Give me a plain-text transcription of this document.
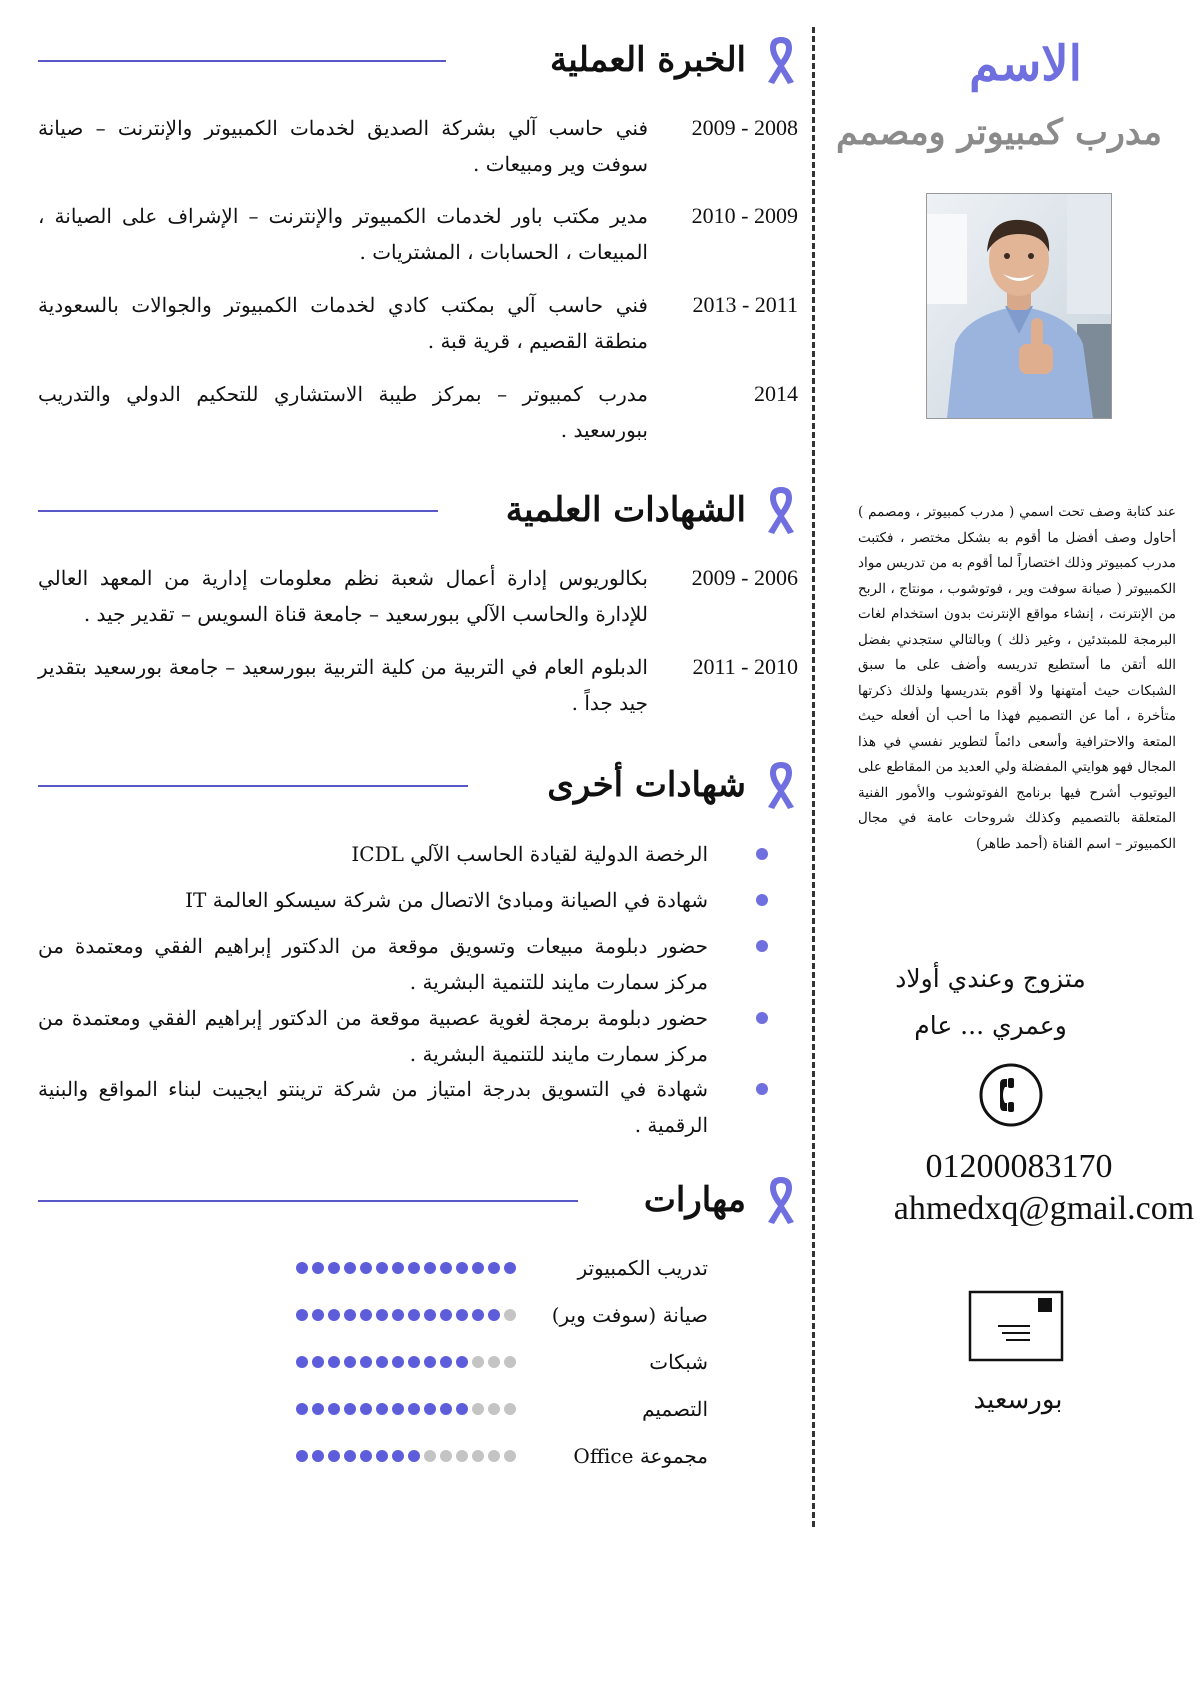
الاسم
مدرب كمبيوتر ومصمم

عند كتابة وصف تحت اسمي ( مدرب كمبيوتر ، ومصمم ) أحاول وصف أفضل ما أقوم به بشكل مختصر ، فكتبت مدرب كمبيوتر وذلك اختصاراً لما أقوم به من تدريس مواد الكمبيوتر ( صيانة سوفت وير ، فوتوشوب ، مونتاج ، الربح من الإنترنت ، إنشاء مواقع الإنترنت بدون استخدام لغات البرمجة للمبتدئين ، وغير ذلك ) وبالتالي ستجدني بفضل الله أتقن ما أستطيع تدريسه وأضف على ما سبق الشبكات حيث أمتهنها ولا أقوم بتدريسها ولذلك ذكرتها متأخرة ، أما عن التصميم فهذا ما أحب أن أفعله حيث المتعة والاحترافية وأسعى دائماً لتطوير نفسي في هذا المجال فهو هوايتي المفضلة ولي العديد من المقاطع على اليوتيوب أشرح فيها برنامج الفوتوشوب والأمور الفنية المتعلقة بالتصميم وكذلك شروحات عامة في مجال الكمبيوتر – اسم القناة (أحمد طاهر)

متزوج وعندي أولاد
وعمري ... عام
01200083170
ahmedxq@gmail.com
بورسعيد
الخبرة العملية
2009 - 2008

فني حاسب آلي بشركة الصديق لخدمات الكمبيوتر والإنترنت – صيانة سوفت وير ومبيعات .

2010 - 2009

مدير مكتب باور لخدمات الكمبيوتر والإنترنت – الإشراف على الصيانة ، المبيعات ، الحسابات ، المشتريات .

2013 - 2011

فني حاسب آلي بمكتب كادي لخدمات الكمبيوتر والجوالات بالسعودية منطقة القصيم ، قرية قبة .

2014

مدرب كمبيوتر – بمركز طيبة الاستشاري للتحكيم الدولي والتدريب ببورسعيد .

الشهادات العلمية
2009 - 2006

بكالوريوس إدارة أعمال شعبة نظم معلومات إدارية من المعهد العالي للإدارة والحاسب الآلي ببورسعيد – جامعة قناة السويس – تقدير جيد .

2011 - 2010

الدبلوم العام في التربية من كلية التربية ببورسعيد – جامعة بورسعيد بتقدير جيد جداً .

شهادات أخرى

الرخصة الدولية لقيادة الحاسب الآلي ICDL

شهادة في الصيانة ومبادئ الاتصال من شركة سيسكو العالمة IT

حضور دبلومة مبيعات وتسويق موقعة من الدكتور إبراهيم الفقي ومعتمدة من مركز سمارت مايند للتنمية البشرية .

حضور دبلومة برمجة لغوية عصبية موقعة من الدكتور إبراهيم الفقي ومعتمدة من مركز سمارت مايند للتنمية البشرية .

شهادة في التسويق بدرجة امتياز من شركة ترينتو ايجيبت لبناء المواقع والبنية الرقمية .

مهارات
تدريب الكمبيوتر
صيانة (سوفت وير)
شبكات
التصميم
مجموعة Office
